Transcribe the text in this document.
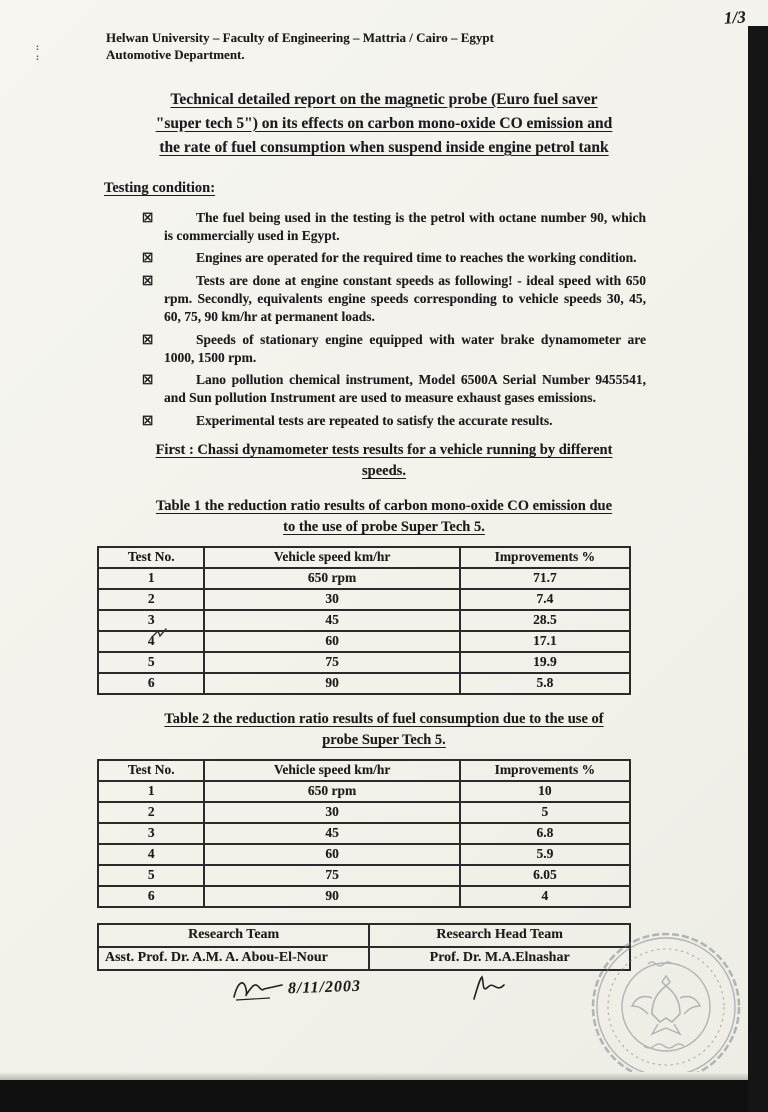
Helwan University – Faculty of Engineering – Mattria / Cairo – Egypt
Automotive Department.
Technical detailed report on the magnetic probe (Euro fuel saver
"super tech 5") on its effects on carbon mono-oxide CO emission and
the rate of fuel consumption when suspend inside engine petrol tank
Testing condition:
☒	The fuel being used in the testing is the petrol with octane number 90, which is commercially used in Egypt.
☒	Engines are operated for the required time to reaches the working condition.
☒	Tests are done at engine constant speeds as following! - ideal speed with 650 rpm. Secondly, equivalents engine speeds corresponding to vehicle speeds 30, 45, 60, 75, 90 km/hr at permanent loads.
☒	Speeds of stationary engine equipped with water brake dynamometer are 1000, 1500 rpm.
☒	Lano pollution chemical instrument, Model 6500A Serial Number 9455541, and Sun pollution Instrument are used to measure exhaust gases emissions.
☒	Experimental tests are repeated to satisfy the accurate results.
First : Chassi dynamometer tests results for a vehicle running by different
speeds.
Table 1 the reduction ratio results of carbon mono-oxide CO emission due
to the use of probe Super Tech 5.
Test No.	Vehicle speed km/hr	Improvements %
1	650 rpm	71.7
2	30	7.4
3	45	28.5
4	60	17.1
5	75	19.9
6	90	5.8
Table 2 the reduction ratio results of fuel consumption due to the use of
probe Super Tech 5.
Test No.	Vehicle speed km/hr	Improvements %
1	650 rpm	10
2	30	5
3	45	6.8
4	60	5.9
5	75	6.05
6	90	4
Research Team	Research Head Team
Asst. Prof. Dr. A.M. A. Abou-El-Nour	Prof. Dr. M.A.Elnashar
8/11/2003
1/3
:
:
